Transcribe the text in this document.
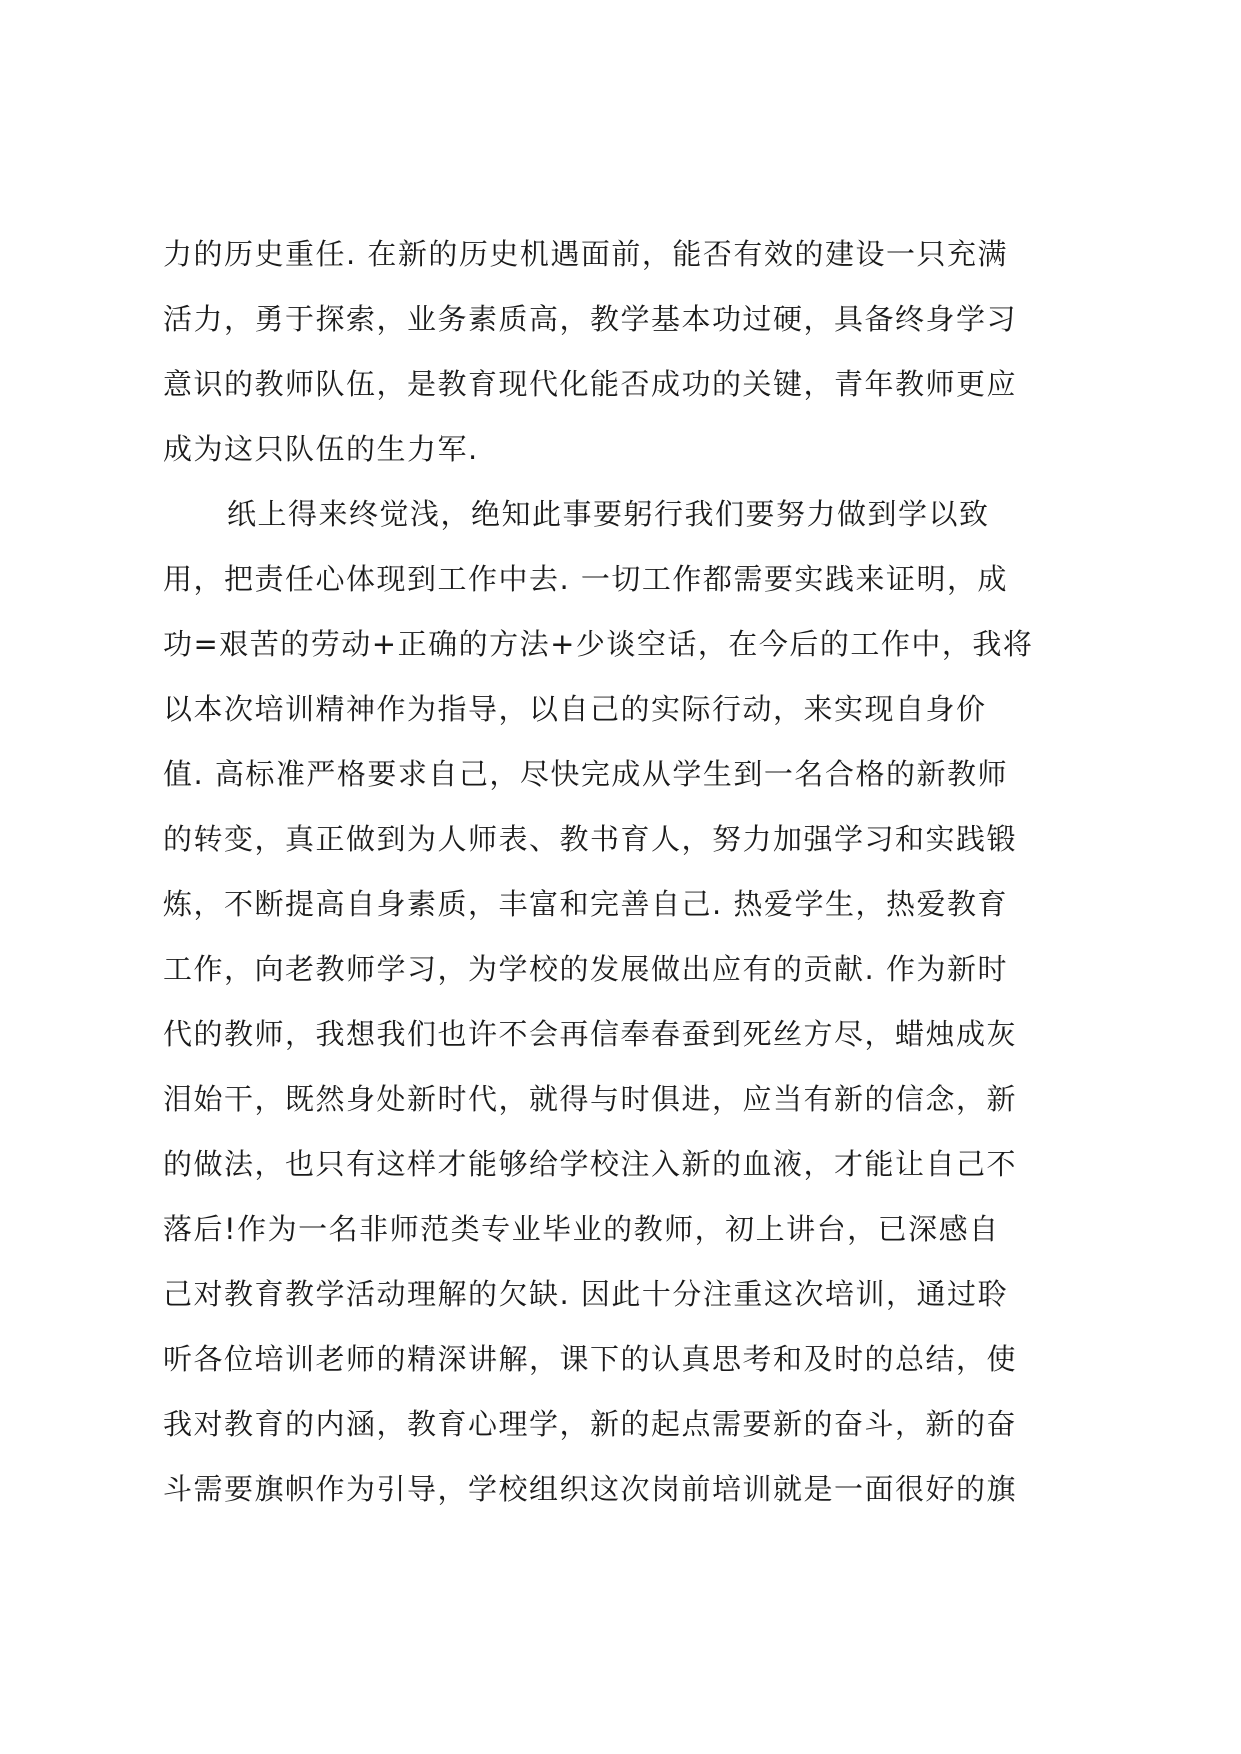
力的历史重任. 在新的历史机遇面前，能否有效的建设一只充满
活力，勇于探索，业务素质高，教学基本功过硬，具备终身学习
意识的教师队伍，是教育现代化能否成功的关键，青年教师更应
成为这只队伍的生力军.
纸上得来终觉浅，绝知此事要躬行我们要努力做到学以致
用，把责任心体现到工作中去. 一切工作都需要实践来证明，成
功=艰苦的劳动+正确的方法+少谈空话，在今后的工作中，我将
以本次培训精神作为指导，以自己的实际行动，来实现自身价
值. 高标准严格要求自己，尽快完成从学生到一名合格的新教师
的转变，真正做到为人师表、教书育人，努力加强学习和实践锻
炼，不断提高自身素质，丰富和完善自己. 热爱学生，热爱教育
工作，向老教师学习，为学校的发展做出应有的贡献. 作为新时
代的教师，我想我们也许不会再信奉春蚕到死丝方尽，蜡烛成灰
泪始干，既然身处新时代，就得与时俱进，应当有新的信念，新
的做法，也只有这样才能够给学校注入新的血液，才能让自己不
落后!作为一名非师范类专业毕业的教师，初上讲台，已深感自
己对教育教学活动理解的欠缺. 因此十分注重这次培训，通过聆
听各位培训老师的精深讲解，课下的认真思考和及时的总结，使
我对教育的内涵，教育心理学，新的起点需要新的奋斗，新的奋
斗需要旗帜作为引导，学校组织这次岗前培训就是一面很好的旗
